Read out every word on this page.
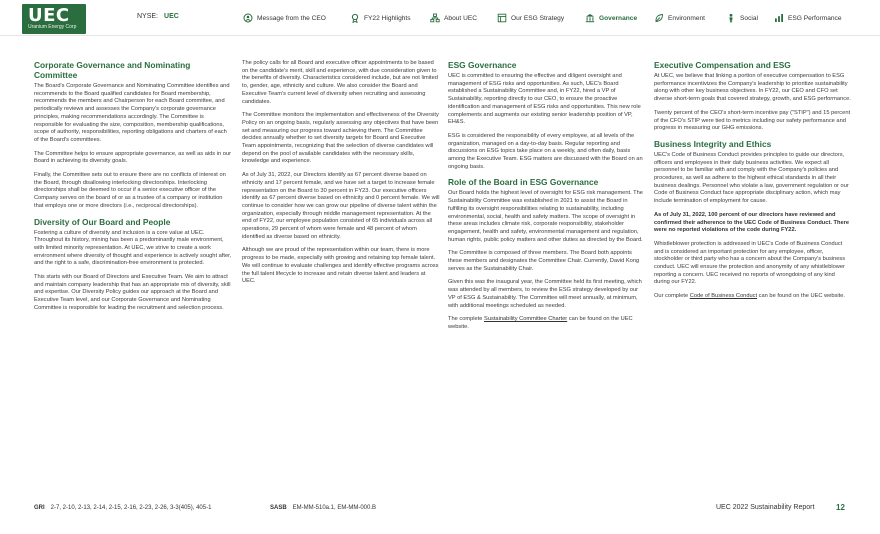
UEC
Uranium Energy Corp
NYSE: UEC	Message from the CEO	FY22 Highlights	About UEC	Our ESG Strategy	Governance	Environment	Social	ESG Performance
Corporate Governance and Nominating Committee

The Board's Corporate Governance and Nominating Committee identifies and recommends to the Board qualified candidates for Board membership, recommends the members and Chairperson for each Board committee, and periodically reviews and assesses the Company's corporate governance principles, making recommendations accordingly. The Committee is responsible for evaluating the size, composition, membership qualifications, scope of authority, responsibilities, reporting obligations and charters of each of the Board's committees.

The Committee helps to ensure appropriate governance, as well as aids in our Board in achieving its diversity goals.

Finally, the Committee sets out to ensure there are no conflicts of interest on the Board, through disallowing interlocking directorships. Interlocking directorships shall be deemed to occur if a senior executive officer of the Company serves on the board of or as a trustee of a company or institution that employs one or more directors (i.e., reciprocal directorships).

Diversity of Our Board and People

Fostering a culture of diversity and inclusion is a core value at UEC. Throughout its history, mining has been a predominantly male environment, with limited minority representation. At UEC, we strive to create a work environment where diversity of thought and experience is actively sought after, and the right to a safe, discrimination-free environment is protected.

This starts with our Board of Directors and Executive Team. We aim to attract and maintain company leadership that has an appropriate mix of diversity, skill and expertise. Our Diversity Policy guides our approach at the Board and Executive Team level, and our Corporate Governance and Nominating Committee is responsible for leading the recruitment and selection process.

The policy calls for all Board and executive officer appointments to be based on the candidate's merit, skill and experience, with due consideration given to the benefits of diversity. Characteristics considered include, but are not limited to, gender, age, ethnicity and culture. We also consider the Board and Executive Team's current level of diversity when recruiting and assessing candidates.

The Committee monitors the implementation and effectiveness of the Diversity Policy on an ongoing basis, regularly assessing any objectives that have been set and measuring our progress toward achieving them. The Committee decides annually whether to set diversity targets for Board and Executive Team appointments, recognizing that the selection of diverse candidates will depend on the pool of available candidates with the necessary skills, knowledge and experience.

As of July 31, 2022, our Directors identify as 67 percent diverse based on ethnicity and 17 percent female, and we have set a target to increase female representation on the Board to 30 percent in FY23. Our executive officers identify as 67 percent diverse based on ethnicity and 0 percent female. We will continue to consider how we can grow our pipeline of diverse talent within the organization, especially through middle management representation. At the end of FY22, our employee population consisted of 65 individuals across all operations, 29 percent of whom were female and 48 percent of whom identified as diverse based on ethnicity.

Although we are proud of the representation within our team, there is more progress to be made, especially with growing and retaining top female talent. We will continue to evaluate challenges and identify effective programs across the full talent lifecycle to increase and retain diverse talent and leaders at UEC.

ESG Governance

UEC is committed to ensuring the effective and diligent oversight and management of ESG risks and opportunities. As such, UEC's Board established a Sustainability Committee and, in FY22, hired a VP of Sustainability, reporting directly to our CEO, to ensure the proactive identification and management of ESG risks and opportunities. This new role complements and augments our existing senior leadership position of VP, EH&S.

ESG is considered the responsibility of every employee, at all levels of the organization, managed on a day-to-day basis. Regular reporting and discussions on ESG topics take place on a weekly, and often daily, basis among the Executive Team. ESG matters are discussed with the Board on an ongoing basis.

Role of the Board in ESG Governance

Our Board holds the highest level of oversight for ESG risk management. The Sustainability Committee was established in 2021 to assist the Board in fulfilling its oversight responsibilities relating to sustainability, including environmental, social, health and safety matters. The scope of oversight in these areas includes climate risk, corporate responsibility, stakeholder engagement, health and safety, environmental management and regulation, human rights, public policy matters and other duties as directed by the Board.

The Committee is composed of three members. The Board both appoints these members and designates the Committee Chair. Currently, David Kong serves as the Sustainability Chair.

Given this was the inaugural year, the Committee held its first meeting, which was attended by all members, to review the ESG strategy developed by our VP of ESG & Sustainability. The Committee will meet annually, at minimum, with additional meetings scheduled as needed.

The complete Sustainability Committee Charter can be found on the UEC website.

Executive Compensation and ESG

At UEC, we believe that linking a portion of executive compensation to ESG performance incentivizes the Company's leadership to prioritize sustainability along with other key business objectives. In FY22, our CEO and CFO set diverse short-term goals that covered strategy, growth, and ESG performance.

Twenty percent of the CEO's short-term incentive pay ("STIP") and 15 percent of the CFO's STIP were tied to metrics including our safety performance and progress in measuring our GHG emissions.

Business Integrity and Ethics

UEC's Code of Business Conduct provides principles to guide our directors, officers and employees in their daily business activities. We expect all personnel to be familiar with and comply with the Company's policies and procedures, as well as adhere to the highest ethical standards in all their business dealings. Personnel who violate a law, government regulation or our Code of Business Conduct face appropriate disciplinary action, which may include termination of employment for cause.

As of July 31, 2022, 100 percent of our directors have reviewed and confirmed their adherence to the UEC Code of Business Conduct. There were no reported violations of the code during FY22.

Whistleblower protection is addressed in UEC's Code of Business Conduct and is considered an important protection for any employee, officer, stockholder or third party who has a concern about the Company's business conduct. UEC will ensure the protection and anonymity of any whistleblower reporting a concern. UEC received no reports of wrongdoing of any kind during our FY22.

Our complete Code of Business Conduct can be found on the UEC website.

GRI 2-7, 2-10, 2-13, 2-14, 2-15, 2-16, 2-23, 2-26, 3-3(405), 405-1	SASB EM-MM-510a.1, EM-MM-000.B	UEC 2022 Sustainability Report	12
